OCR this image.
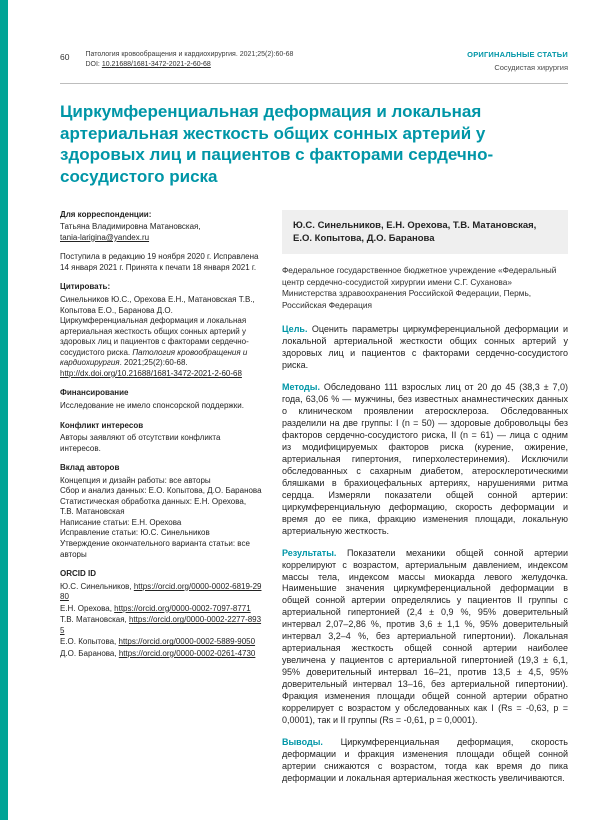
60 Патология кровообращения и кардиохирургия. 2021;25(2):60-68
DOI: 10.21688/1681-3472-2021-2-60-68
ОРИГИНАЛЬНЫЕ СТАТЬИ
Сосудистая хирургия
Циркумференциальная деформация и локальная артериальная жесткость общих сонных артерий у здоровых лиц и пациентов с факторами сердечно-сосудистого риска
Для корреспонденции:
Татьяна Владимировна Матановская,
tania-larigina@yandex.ru
Поступила в редакцию 19 ноября 2020 г. Исправлена 14 января 2021 г. Принята к печати 18 января 2021 г.
Цитировать:
Синельников Ю.С., Орехова Е.Н., Матановская Т.В., Копытова Е.О., Баранова Д.О. Циркумференциальная деформация и локальная артериальная жесткость общих сонных артерий у здоровых лиц и пациентов с факторами сердечно-сосудистого риска. Патология кровообращения и кардиохирургия. 2021;25(2):60-68.
http://dx.doi.org/10.21688/1681-3472-2021-2-60-68
Финансирование
Исследование не имело спонсорской поддержки.
Конфликт интересов
Авторы заявляют об отсутствии конфликта интересов.
Вклад авторов
Концепция и дизайн работы: все авторы
Сбор и анализ данных: Е.О. Копытова, Д.О. Баранова
Статистическая обработка данных: Е.Н. Орехова, Т.В. Матановская
Написание статьи: Е.Н. Орехова
Исправление статьи: Ю.С. Синельников
Утверждение окончательного варианта статьи: все авторы
ORCID ID
Ю.С. Синельников, https://orcid.org/0000-0002-6819-2980
Е.Н. Орехова, https://orcid.org/0000-0002-7097-8771
Т.В. Матановская, https://orcid.org/0000-0002-2277-8935
Е.О. Копытова, https://orcid.org/0000-0002-5889-9050
Д.О. Баранова, https://orcid.org/0000-0002-0261-4730
Ю.С. Синельников, Е.Н. Орехова, Т.В. Матановская, Е.О. Копытова, Д.О. Баранова
Федеральное государственное бюджетное учреждение «Федеральный центр сердечно-сосудистой хирургии имени С.Г. Суханова» Министерства здравоохранения Российской Федерации, Пермь, Российская Федерация

Цель. Оценить параметры циркумференциальной деформации и локальной артериальной жесткости общих сонных артерий у здоровых лиц и пациентов с факторами сердечно-сосудистого риска.

Методы. Обследовано 111 взрослых лиц от 20 до 45 (38,3 ± 7,0) года, 63,06 % — мужчины, без известных анамнестических данных о клиническом проявлении атеросклероза. Обследованных разделили на две группы: I (n = 50) — здоровые добровольцы без факторов сердечно-сосудистого риска, II (n = 61) — лица с одним из модифицируемых факторов риска (курение, ожирение, артериальная гипертония, гиперхолестеринемия). Исключили обследованных с сахарным диабетом, атеросклеротическими бляшками в брахиоцефальных артериях, нарушениями ритма сердца. Измеряли показатели общей сонной артерии: циркумференциальную деформацию, скорость деформации и время до ее пика, фракцию изменения площади, локальную артериальную жесткость.

Результаты. Показатели механики общей сонной артерии коррелируют с возрастом, артериальным давлением, индексом массы тела, индексом массы миокарда левого желудочка. Наименьшие значения циркумференциальной деформации в общей сонной артерии определялись у пациентов II группы с артериальной гипертонией (2,4 ± 0,9 %, 95% доверительный интервал 2,07–2,86 %, против 3,6 ± 1,1 %, 95% доверительный интервал 3,2–4 %, без артериальной гипертонии). Локальная артериальная жесткость общей сонной артерии наиболее увеличена у пациентов с артериальной гипертонией (19,3 ± 6,1, 95% доверительный интервал 16–21, против 13,5 ± 4,5, 95% доверительный интервал 13–16, без артериальной гипертонии). Фракция изменения площади общей сонной артерии обратно коррелирует с возрастом у обследованных как I (Rs = -0,63, p = 0,0001), так и II группы (Rs = -0,61, p = 0,0001).

Выводы. Циркумференциальная деформация, скорость деформации и фракция изменения площади общей сонной артерии снижаются с возрастом, тогда как время до пика деформации и локальная артериальная жесткость увеличиваются.
